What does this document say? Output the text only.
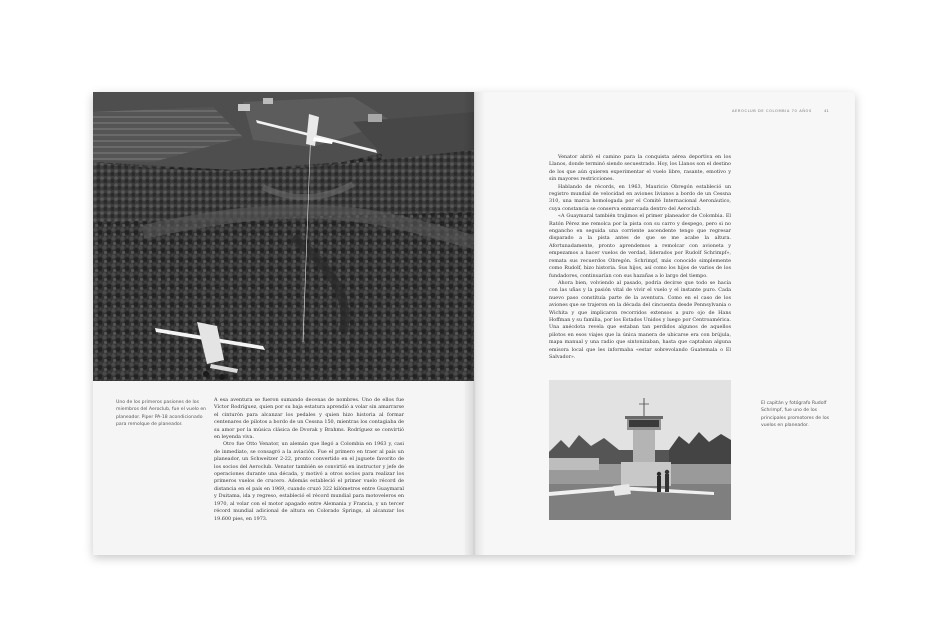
Uno de los primeros pasiones de los miembros del Aeroclub, fue el vuelo en planeador. Piper PA-18 acondicionado para remolque de planeador.

A esa aventura se fueron sumando decenas de nombres. Uno de ellos fue Víctor Rodríguez, quien por su baja estatura aprendió a volar sin amarrarse el cinturón para alcanzar los pedales y quien hizo historia al formar centenares de pilotos a bordo de un Cessna 150, mientras los contagiaba de su amor por la música clásica de Dvorak y Brahms. Rodríguez se convirtió en leyenda viva.

Otro fue Otto Venator, un alemán que llegó a Colombia en 1963 y, casi de inmediato, se consagró a la aviación. Fue el primero en traer al país un planeador, un Schweitzer 2-22, pronto convertido en el juguete favorito de los socios del Aeroclub. Venator también se convirtió en instructor y jefe de operaciones durante una década, y motivó a otros socios para realizar los primeros vuelos de crucero. Además estableció el primer vuelo récord de distancia en el país en 1969, cuando cruzó 322 kilómetros entre Guaymaral y Duitama, ida y regreso, estableció el récord mundial para motoveleros en 1970, al volar con el motor apagado entre Alemania y Francia, y un tercer récord mundial adicional de altura en Colorado Springs, al alcanzar los 19.600 pies, en 1973.

AEROCLUB DE COLOMBIA 70 AÑOS	41

Venator abrió el camino para la conquista aérea deportiva en los Llanos, donde terminó siendo secuestrado. Hoy, los Llanos son el destino de los que aún quieren experimentar el vuelo libre, rasante, emotivo y sin mayores restricciones.

Hablando de récords, en 1963, Mauricio Obregón estableció un registro mundial de velocidad en aviones livianos a bordo de un Cessna 310, una marca homologada por el Comité Internacional Aeronáutico, cuya constancia se conserva enmarcada dentro del Aeroclub.

«A Guaymaral también trajimos el primer planeador de Colombia. El Ratón Pérez me remolca por la pista con su carro y despego, pero si no engancho en seguida una corriente ascendente tengo que regresar disparado a la pista antes de que se me acabe la altura. Afortunadamente, pronto aprendemos a remolcar con avioneta y empezamos a hacer vuelos de verdad, liderados por Rudolf Schrimpf», remata sus recuerdos Obregón. Schrimpf, más conocido simplemente como Rudolf, hizo historia. Sus hijos, así como los hijos de varios de los fundadores, continuarían con sus hazañas a lo largo del tiempo.

Ahora bien, volviendo al pasado, podría decirse que todo se hacía con las uñas y la pasión vital de vivir el vuelo y el instante puro. Cada nuevo paso constituía parte de la aventura. Como en el caso de los aviones que se trajeron en la década del cincuenta desde Pennsylvania o Wichita y que implicaron recorridos extensos a puro ojo de Hans Hoffman y su familia, por los Estados Unidos y luego por Centroamérica. Una anécdota revela que estaban tan perdidos algunos de aquellos pilotos en esos viajes que la única manera de ubicarse era con brújula, mapa manual y una radio que sintonizaban, hasta que captaban alguna emisora local que les informaba «estar sobrevolando Guatemala o El Salvador».

El capitán y fotógrafo Rudolf Schrimpf, fue uno de los principales promotores de los vuelos en planeador.
